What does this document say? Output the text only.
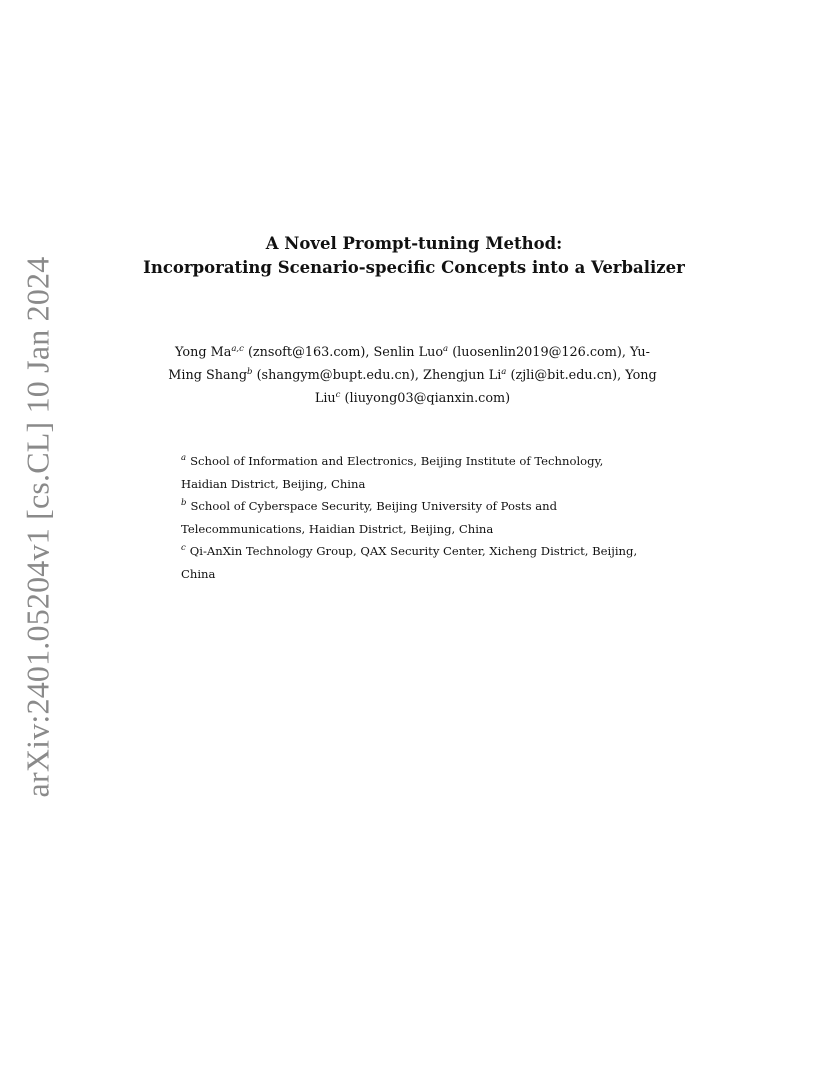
arXiv:2401.05204v1 [cs.CL] 10 Jan 2024
A Novel Prompt-tuning Method:
Incorporating Scenario-specific Concepts into a Verbalizer
Yong Ma$^{a,c}$ (znsoft@163.com), Senlin Luo$^a$ (luosenlin2019@126.com), Yu-Ming Shang$^b$ (shangym@bupt.edu.cn), Zhengjun Li$^a$ (zjli@bit.edu.cn), Yong Liu$^c$ (liuyong03@qianxin.com)

$^a$ School of Information and Electronics, Beijing Institute of Technology, Haidian District, Beijing, China

$^b$ School of Cyberspace Security, Beijing University of Posts and Telecommunications, Haidian District, Beijing, China

$^c$ Qi-AnXin Technology Group, QAX Security Center, Xicheng District, Beijing, China
